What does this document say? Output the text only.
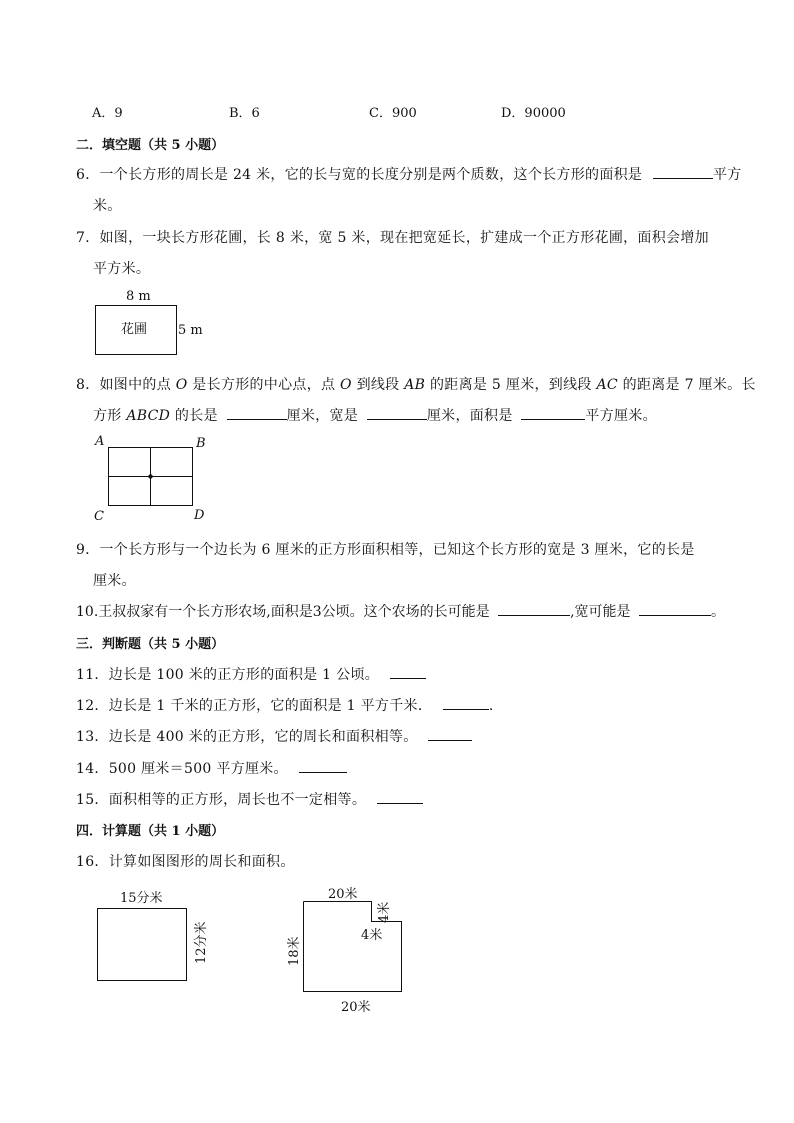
A．9	B．6	C．900	D．90000
二．填空题（共 5 小题）
6．一个长方形的周长是 24 米，它的长与宽的长度分别是两个质数，这个长方形的面积是	平方
米。
7．如图，一块长方形花圃，长 8 米，宽 5 米，现在把宽延长，扩建成一个正方形花圃，面积会增加
平方米。
8 m
花圃 5 m
8．如图中的点 O 是长方形的中心点，点 O 到线段 AB 的距离是 5 厘米，到线段 AC 的距离是 7 厘米。长
方形 ABCD 的长是	厘米，宽是	厘米，面积是	平方厘米。
A	B
C	D
9．一个长方形与一个边长为 6 厘米的正方形面积相等，已知这个长方形的宽是 3 厘米，它的长是
厘米。
10.王叔叔家有一个长方形农场,面积是3公顷。这个农场的长可能是	,宽可能是	。
三．判断题（共 5 小题）
11．边长是 100 米的正方形的面积是 1 公顷。
12．边长是 1 千米的正方形，它的面积是 1 平方千米．	.
13．边长是 400 米的正方形，它的周长和面积相等。
14．500 厘米＝500 平方厘米。
15．面积相等的正方形，周长也不一定相等。
四．计算题（共 1 小题）
16．计算如图图形的周长和面积。
15分米
12分米
20米
4米
4米
18米
20米
